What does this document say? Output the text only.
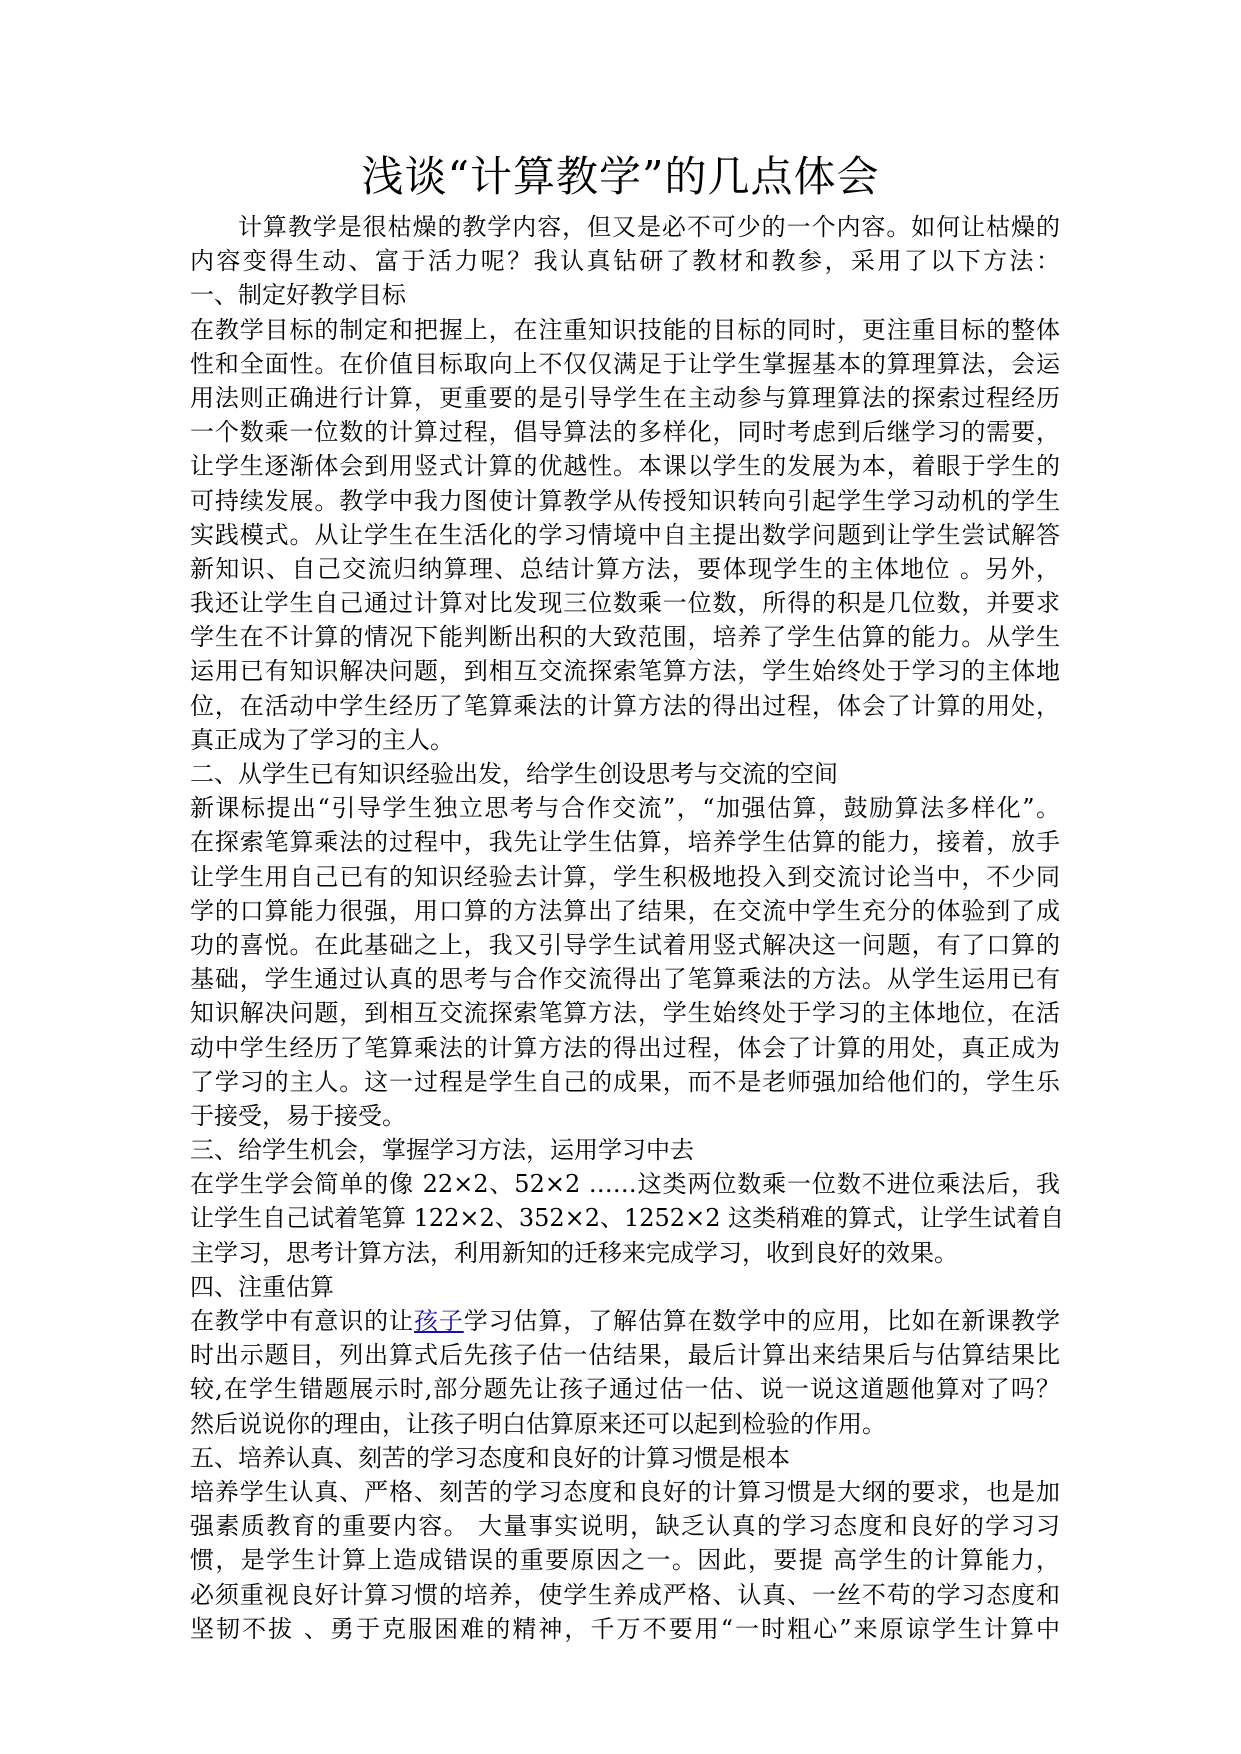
浅谈“计算教学”的几点体会
计算教学是很枯燥的教学内容，但又是必不可少的一个内容。如何让枯燥的
内容变得生动、富于活力呢？我认真钻研了教材和教参，采用了以下方法：
一、制定好教学目标
在教学目标的制定和把握上，在注重知识技能的目标的同时，更注重目标的整体
性和全面性。在价值目标取向上不仅仅满足于让学生掌握基本的算理算法，会运
用法则正确进行计算，更重要的是引导学生在主动参与算理算法的探索过程经历
一个数乘一位数的计算过程，倡导算法的多样化，同时考虑到后继学习的需要，
让学生逐渐体会到用竖式计算的优越性。本课以学生的发展为本，着眼于学生的
可持续发展。教学中我力图使计算教学从传授知识转向引起学生学习动机的学生
实践模式。从让学生在生活化的学习情境中自主提出数学问题到让学生尝试解答
新知识、自己交流归纳算理、总结计算方法，要体现学生的主体地位 。另外，
我还让学生自己通过计算对比发现三位数乘一位数，所得的积是几位数，并要求
学生在不计算的情况下能判断出积的大致范围，培养了学生估算的能力。从学生
运用已有知识解决问题，到相互交流探索笔算方法，学生始终处于学习的主体地
位，在活动中学生经历了笔算乘法的计算方法的得出过程，体会了计算的用处，
真正成为了学习的主人。
二、从学生已有知识经验出发，给学生创设思考与交流的空间
新课标提出“引导学生独立思考与合作交流”，“加强估算，鼓励算法多样化”。
在探索笔算乘法的过程中，我先让学生估算，培养学生估算的能力，接着，放手
让学生用自己已有的知识经验去计算，学生积极地投入到交流讨论当中，不少同
学的口算能力很强，用口算的方法算出了结果，在交流中学生充分的体验到了成
功的喜悦。在此基础之上，我又引导学生试着用竖式解决这一问题，有了口算的
基础，学生通过认真的思考与合作交流得出了笔算乘法的方法。从学生运用已有
知识解决问题，到相互交流探索笔算方法，学生始终处于学习的主体地位，在活
动中学生经历了笔算乘法的计算方法的得出过程，体会了计算的用处，真正成为
了学习的主人。这一过程是学生自己的成果，而不是老师强加给他们的，学生乐
于接受，易于接受。
三、给学生机会，掌握学习方法，运用学习中去
在学生学会简单的像 22×2、52×2 ……这类两位数乘一位数不进位乘法后，我
让学生自己试着笔算 122×2、352×2、1252×2 这类稍难的算式，让学生试着自
主学习，思考计算方法，利用新知的迁移来完成学习，收到良好的效果。
四、注重估算
在教学中有意识的让孩子学习估算，了解估算在数学中的应用，比如在新课教学
时出示题目，列出算式后先孩子估一估结果，最后计算出来结果后与估算结果比
较,在学生错题展示时,部分题先让孩子通过估一估、说一说这道题他算对了吗？
然后说说你的理由，让孩子明白估算原来还可以起到检验的作用。
五、培养认真、刻苦的学习态度和良好的计算习惯是根本
培养学生认真、严格、刻苦的学习态度和良好的计算习惯是大纲的要求，也是加
强素质教育的重要内容。 大量事实说明，缺乏认真的学习态度和良好的学习习
惯，是学生计算上造成错误的重要原因之一。因此，要提 高学生的计算能力，
必须重视良好计算习惯的培养，使学生养成严格、认真、一丝不苟的学习态度和
坚韧不拔 、勇于克服困难的精神，千万不要用“一时粗心”来原谅学生计算中
